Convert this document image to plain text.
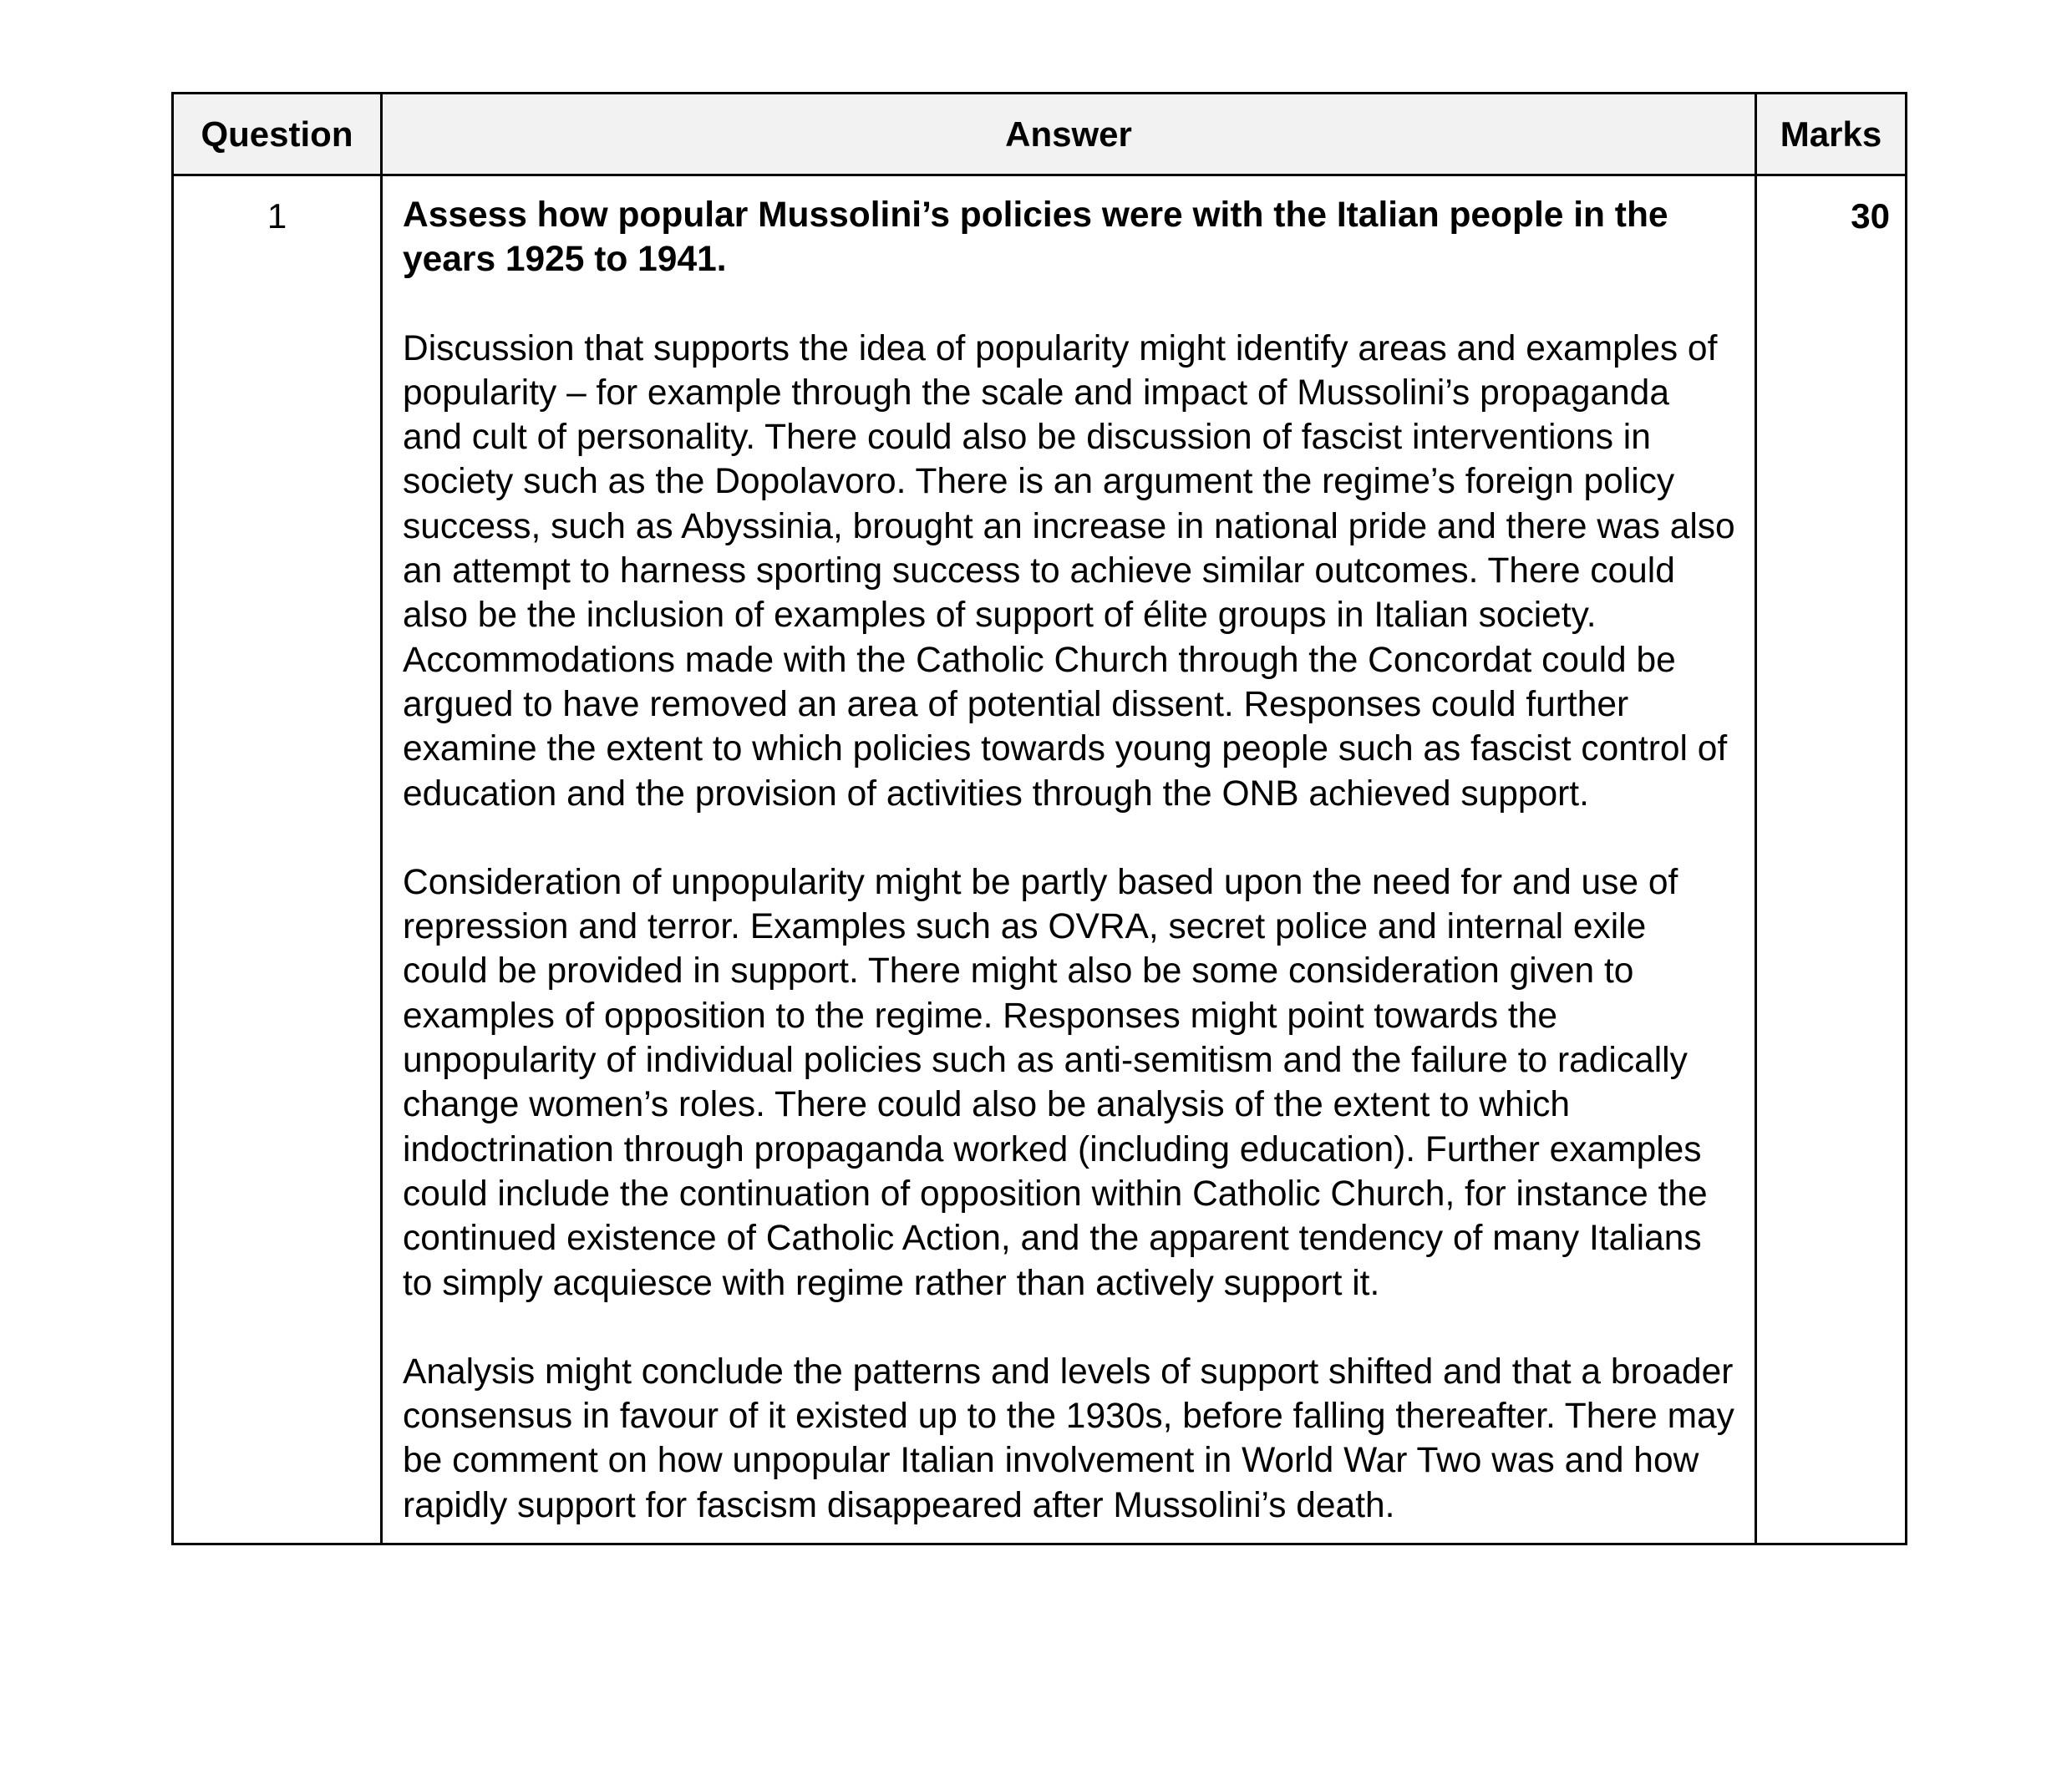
Question	Answer	Marks
1	Assess how popular Mussolini’s policies were with the Italian people in the years 1925 to 1941.

Discussion that supports the idea of popularity might identify areas and examples of popularity – for example through the scale and impact of Mussolini’s propaganda and cult of personality. There could also be discussion of fascist interventions in society such as the Dopolavoro. There is an argument the regime’s foreign policy success, such as Abyssinia, brought an increase in national pride and there was also an attempt to harness sporting success to achieve similar outcomes. There could also be the inclusion of examples of support of élite groups in Italian society. Accommodations made with the Catholic Church through the Concordat could be argued to have removed an area of potential dissent. Responses could further examine the extent to which policies towards young people such as fascist control of education and the provision of activities through the ONB achieved support.

Consideration of unpopularity might be partly based upon the need for and use of repression and terror. Examples such as OVRA, secret police and internal exile could be provided in support. There might also be some consideration given to examples of opposition to the regime. Responses might point towards the unpopularity of individual policies such as anti-semitism and the failure to radically change women’s roles. There could also be analysis of the extent to which indoctrination through propaganda worked (including education). Further examples could include the continuation of opposition within Catholic Church, for instance the continued existence of Catholic Action, and the apparent tendency of many Italians to simply acquiesce with regime rather than actively support it.

Analysis might conclude the patterns and levels of support shifted and that a broader consensus in favour of it existed up to the 1930s, before falling thereafter. There may be comment on how unpopular Italian involvement in World War Two was and how rapidly support for fascism disappeared after Mussolini’s death.	30
